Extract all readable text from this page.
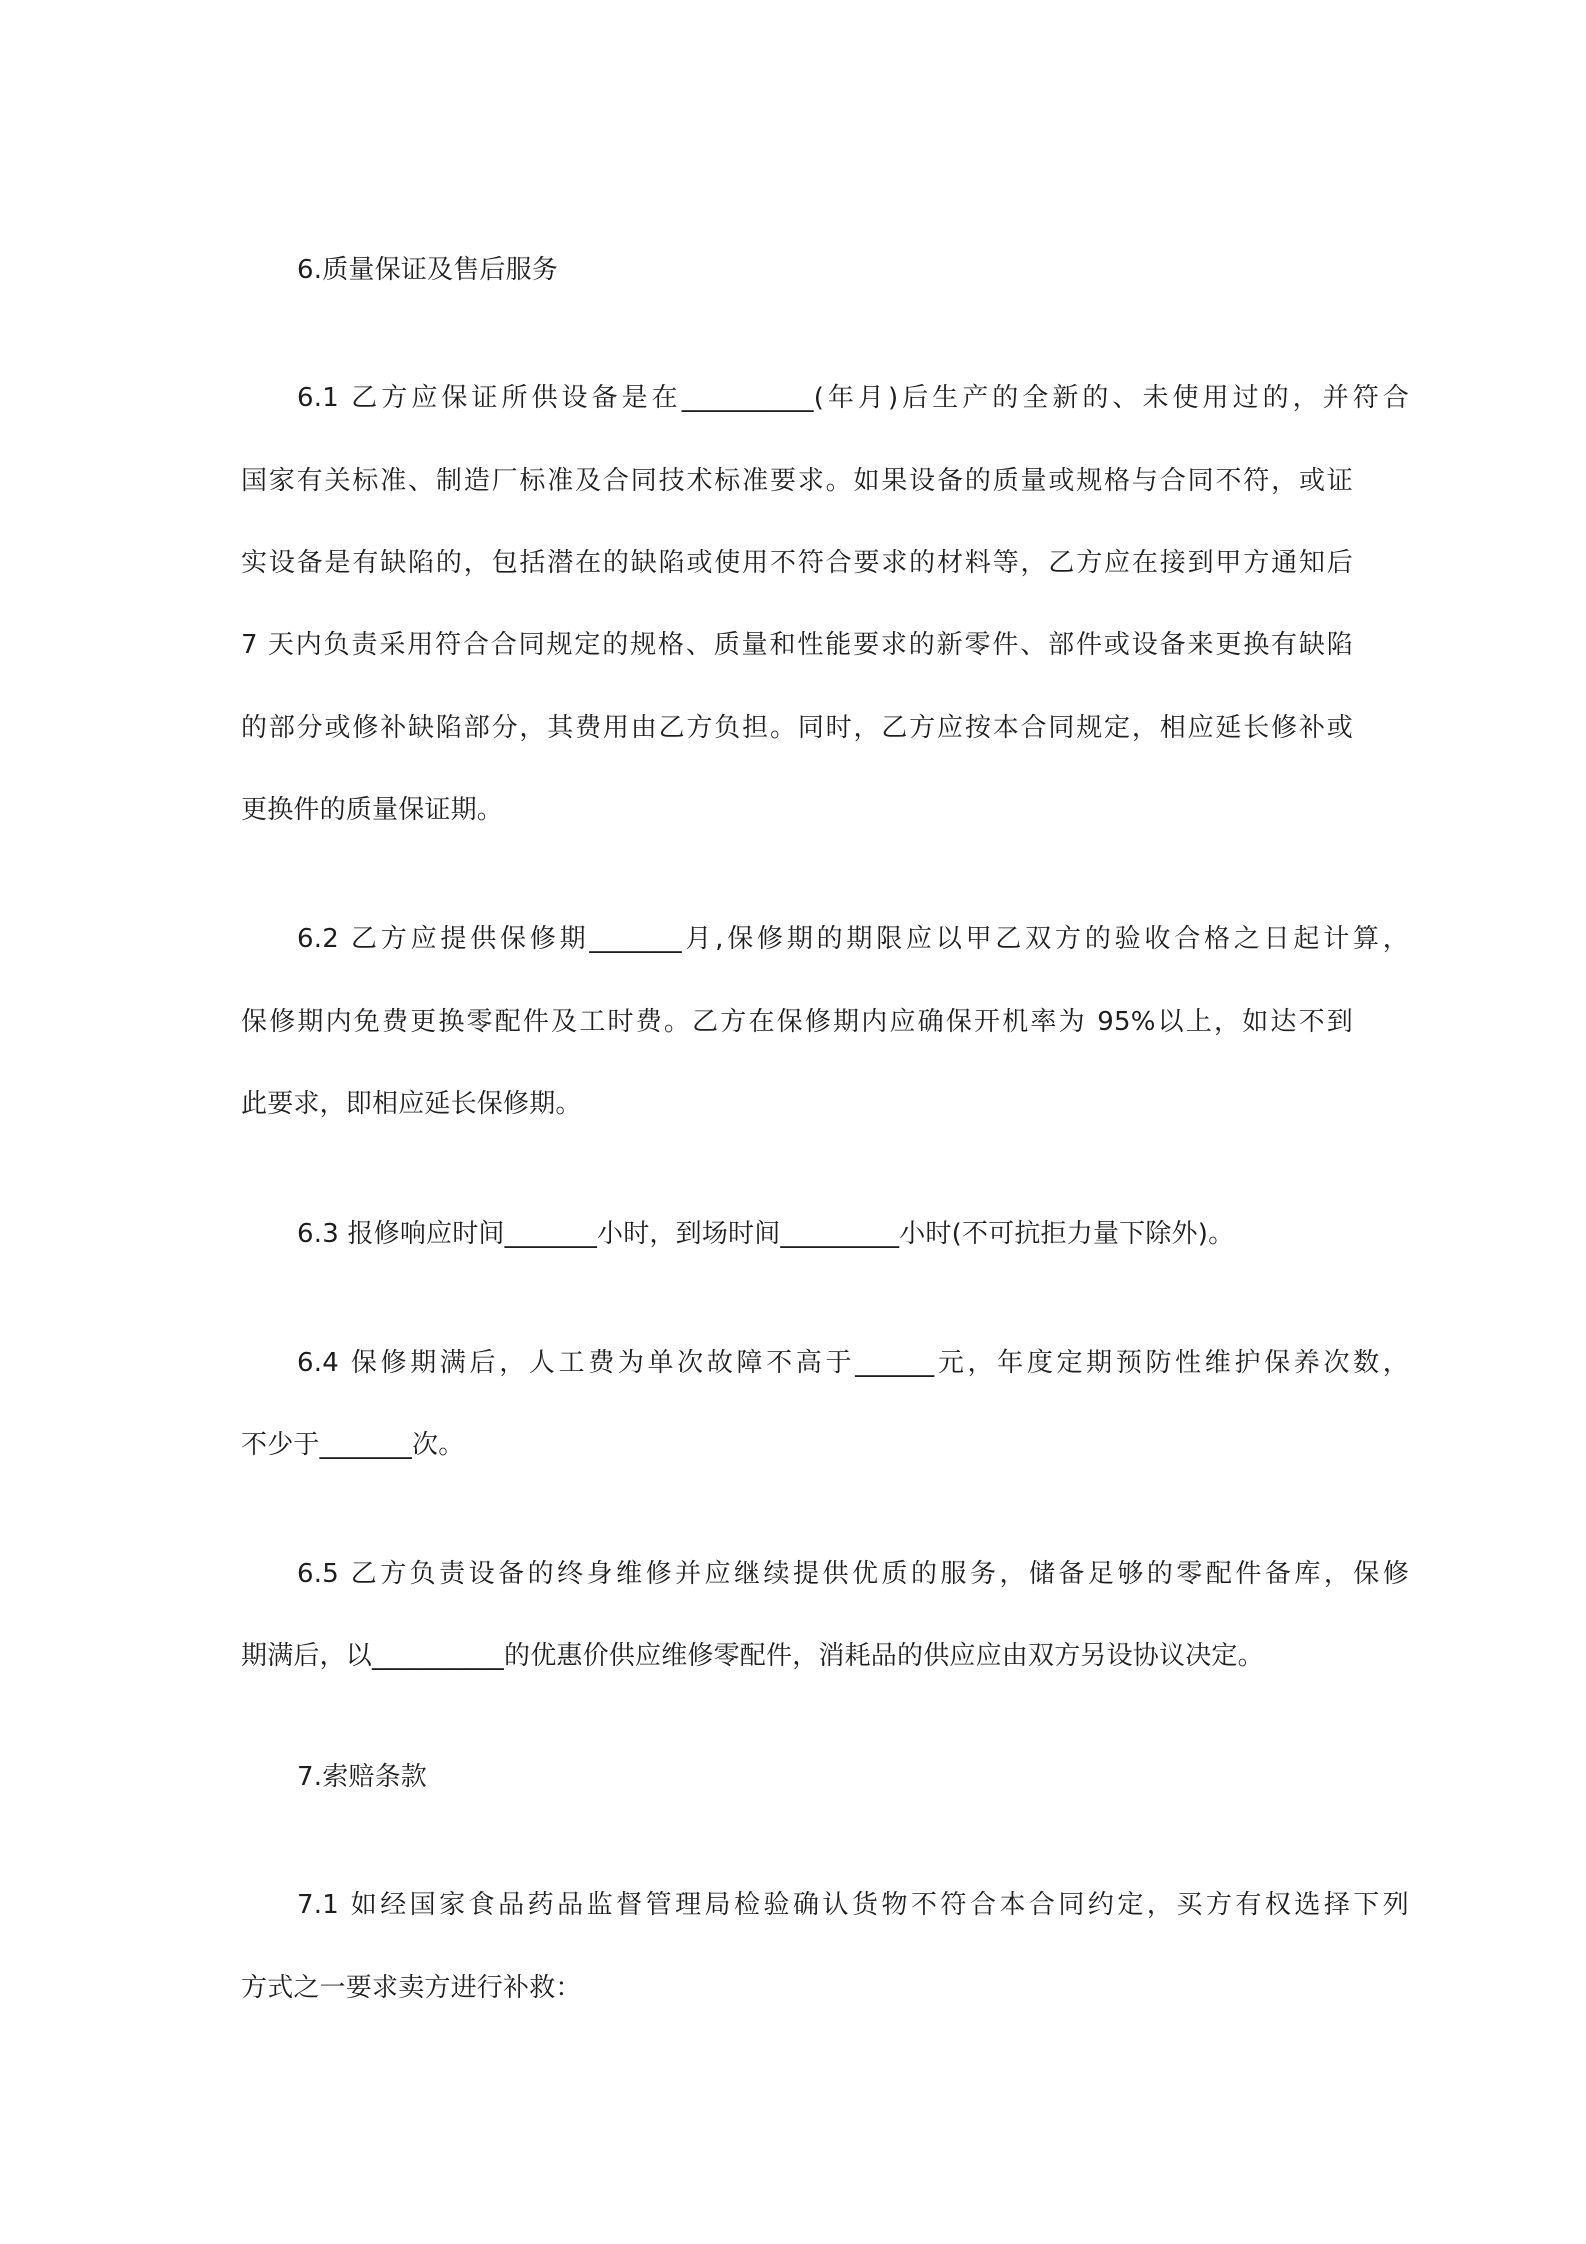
6.质量保证及售后服务

6.1 乙方应保证所供设备是在__________(年月)后生产的全新的、未使用过的，并符合

国家有关标准、制造厂标准及合同技术标准要求。如果设备的质量或规格与合同不符，或证

实设备是有缺陷的，包括潜在的缺陷或使用不符合要求的材料等，乙方应在接到甲方通知后

7 天内负责采用符合合同规定的规格、质量和性能要求的新零件、部件或设备来更换有缺陷

的部分或修补缺陷部分，其费用由乙方负担。同时，乙方应按本合同规定，相应延长修补或

更换件的质量保证期。

6.2 乙方应提供保修期_______月,保修期的期限应以甲乙双方的验收合格之日起计算，

保修期内免费更换零配件及工时费。乙方在保修期内应确保开机率为 95%以上，如达不到

此要求，即相应延长保修期。

6.3 报修响应时间_______小时，到场时间_________小时(不可抗拒力量下除外)。

6.4 保修期满后，人工费为单次故障不高于______元，年度定期预防性维护保养次数，

不少于_______次。

6.5 乙方负责设备的终身维修并应继续提供优质的服务，储备足够的零配件备库，保修

期满后，以__________的优惠价供应维修零配件，消耗品的供应应由双方另设协议决定。

7.索赔条款

7.1 如经国家食品药品监督管理局检验确认货物不符合本合同约定，买方有权选择下列

方式之一要求卖方进行补救：
